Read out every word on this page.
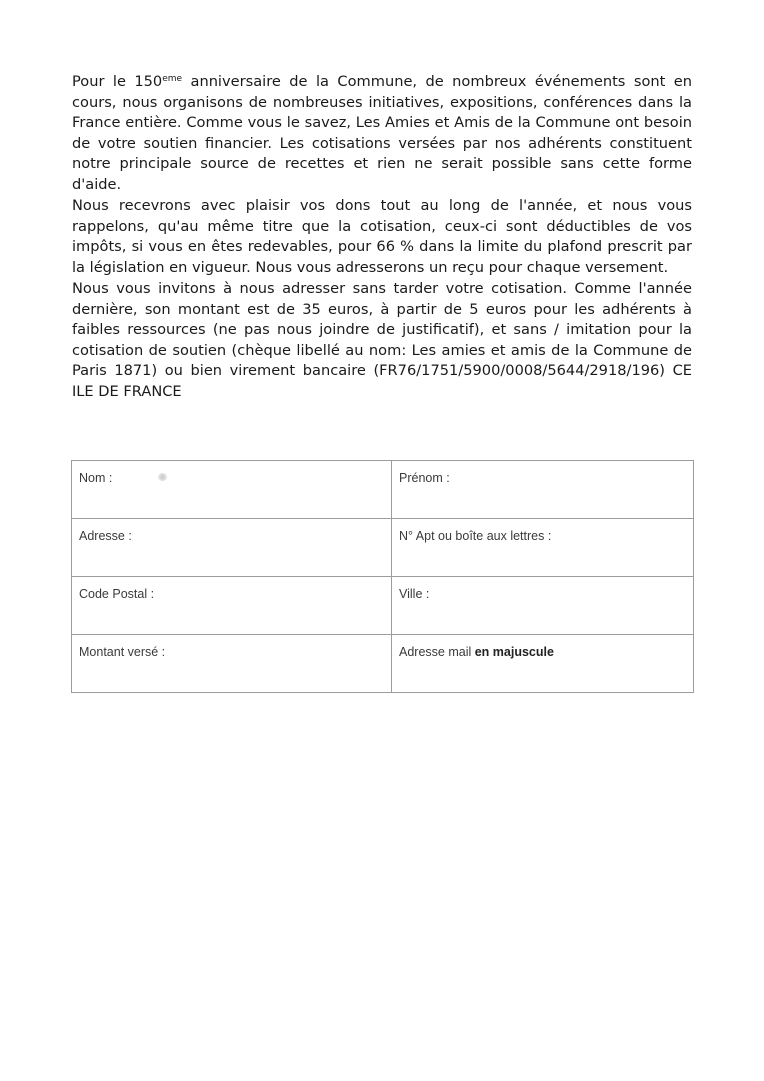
Pour le 150eme anniversaire de la Commune, de nombreux événements sont en cours, nous organisons de nombreuses initiatives, expositions, conférences dans la France entière. Comme vous le savez, Les Amies et Amis de la Commune ont besoin de votre soutien financier. Les cotisations versées par nos adhérents constituent notre principale source de recettes et rien ne serait possible sans cette forme d'aide.

Nous recevrons avec plaisir vos dons tout au long de l'année, et nous vous rappelons, qu'au même titre que la cotisation, ceux-ci sont déductibles de vos impôts, si vous en êtes redevables, pour 66 % dans la limite du plafond prescrit par la législation en vigueur. Nous vous adresserons un reçu pour chaque versement.

Nous vous invitons à nous adresser sans tarder votre cotisation. Comme l'année dernière, son montant est de 35 euros, à partir de 5 euros pour les adhérents à faibles ressources (ne pas nous joindre de justificatif), et sans / imitation pour la cotisation de soutien (chèque libellé au nom: Les amies et amis de la Commune de Paris 1871) ou bien virement bancaire (FR76/1751/5900/0008/5644/2918/196) CE ILE DE FRANCE

Nom :	Prénom :
Adresse :	N° Apt ou boîte aux lettres :
Code Postal :	Ville :
Montant versé :	Adresse mail en majuscule
